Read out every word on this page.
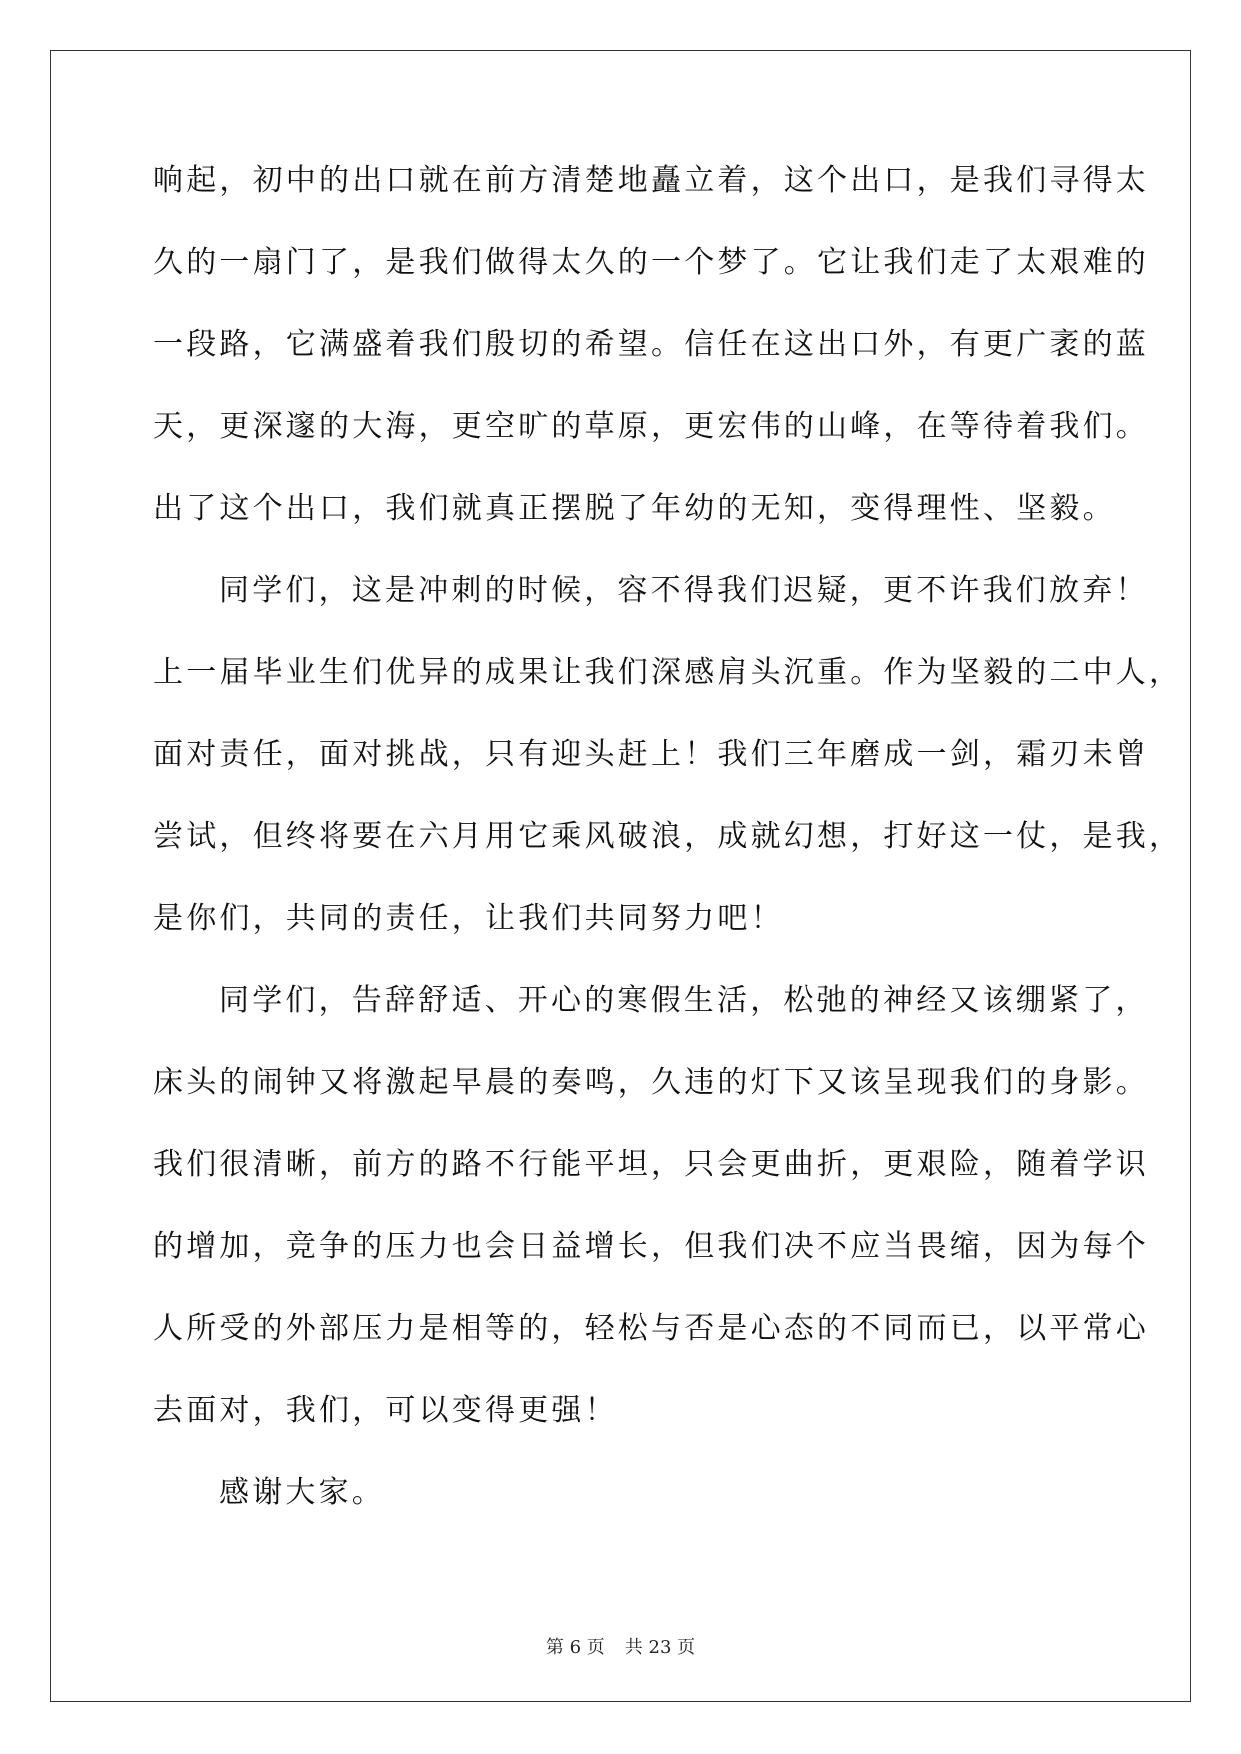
响起，初中的出口就在前方清楚地矗立着，这个出口，是我们寻得太
久的一扇门了，是我们做得太久的一个梦了。它让我们走了太艰难的
一段路，它满盛着我们殷切的希望。信任在这出口外，有更广袤的蓝
天，更深邃的大海，更空旷的草原，更宏伟的山峰，在等待着我们。
出了这个出口，我们就真正摆脱了年幼的无知，变得理性、坚毅。
同学们，这是冲刺的时候，容不得我们迟疑，更不许我们放弃！
上一届毕业生们优异的成果让我们深感肩头沉重。作为坚毅的二中人，
面对责任，面对挑战，只有迎头赶上！我们三年磨成一剑，霜刃未曾
尝试，但终将要在六月用它乘风破浪，成就幻想，打好这一仗，是我，
是你们，共同的责任，让我们共同努力吧！
同学们，告辞舒适、开心的寒假生活，松弛的神经又该绷紧了，
床头的闹钟又将激起早晨的奏鸣，久违的灯下又该呈现我们的身影。
我们很清晰，前方的路不行能平坦，只会更曲折，更艰险，随着学识
的增加，竞争的压力也会日益增长，但我们决不应当畏缩，因为每个
人所受的外部压力是相等的，轻松与否是心态的不同而已，以平常心
去面对，我们，可以变得更强！
感谢大家。
第 6 页 共 23 页
